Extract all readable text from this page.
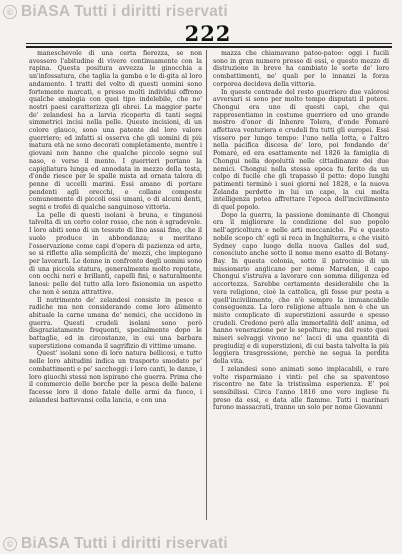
© BiASA Tutti i diritti riservati
222

maneschevole di una certa fierezza, se non avessero l'abitudine di vivere continuamente con la rapina. Questa positura avvezza le ginocchia a un'infossatura, che taglia la gamba e le di-gita al loro andamento. I tratti del volto di questi uomini sono fortemente marcati, e presso molti individui offrono qualche analogia con quei tipo indelebile, che no' nostri paesi caratterizza gli ebrei. La maggior parte de' zelandesi ha a larvia ricoperta di tanti segni simmetrici incisi nella pelle. Queste incisioni, di un colore glauco, sono una patente del loro valore guerriero; ed infatti si osserva che gli uomini di più matura età ne sono decorati completamente, mentre i giovani non hanno che qualche piccolo segno sul naso, o verso il mento. I guerrieri portano la capigliatura lunga ed annodata in mezzo della testa, d'onde riesce per le spalle mista ad ornata talora di penne di uccelli marini. Essi amano di portare pendenti agli orecchi, e collane composte comunemente di piccoli ossi umani, o di alcuni denti, segni e trofei di qualche sanguinoso vittoria.

La pelle di questi isolani è bruna, e tinganosi talvolta di un certo color rosso, che non è sgradevole. I loro abiti sono di un tessuto di lino assai fino, che il suolo produce in abbondanza; e meritano l'osservazione come capi d'opera di pazienza ed arte, se si riflette alla semplicità de' mezzi, che impiegano per lavorarli. Le donne in confronto degli uomini sono di una piccola statura, generalmente molto reputate, con occhi neri e brillanti, capelli finì, e naturalmente lanosi: pelle del tutto alla loro fisionomia un aspetto che non è senza attrattive.

Il nutrimento de' zelandesi consiste in pesce e radiche ma non considerando come loro alimento abituale la carne umana de' nemici, che uccidono in guerra. Questi crudeli isolani sono però disgraziatamente frequenti, specialmente dopo le battaglie, ed in circostanze, in cui una barbara superstizione comanda il sagrifizio di vittime umane.

Quest' isolani sono di loro natura bellicosi, e tutto nelle loro abitudini indica un trasporto smodato pe' combattimenti e pe' saccheggi: i loro canti, le danze, i loro giuochi stessi non ispirano che guerra. Prima che il commercio delle borche per la pesca delle balene facesse loro il dono fatale delle armi da fuoco, i zelandesi battevansi colla lancia, e con una

mazza che chiamavano patoo-patoo: oggi i fucili sono in gran numero presso di essi, e questo mezzo di distruzione in breve ha cambiato le sorte de' loro combattimenti, ne' quali per lo innanzi la forza corporea decideva della vittoria.

In queste contrade del resto guerriero due valorosi avversari si sono per molto tempo disputati il potere. Chongui era uno di questi capi, che qui rappresentiamo in costume guerriero ed uno grande mostro d'onor di Inhenre Tolera, d'onde Pomaré affettava venturiera e crudeli fra tutti gli europei. Essi vissero per lungo tempo: l'uno nella lotta, e l'altro nella pacifica discesa de' loro, poi fondando de' Pomaré, ed era esattamente nel 1826 la famiglia di Chongui nella dopoluttà nelle cittadinanze dei due nemici. Chongui nella stessa epoca fu ferito da un colpo di fucile che gli trapassò il petto: dopo lunghi patimenti terminò i suoi giorni nel 1828, e la nuova Zelanda perdette in lui un capo, la cui molta intelligenza potea affrettare l'epoca dell'incivilimento di quel popolo.

Dopo la guerra, la passione dominante di Chongui era il migliorare la condizione del suo popolo nell'agricoltura e nelle arti meccaniche. Fu e questo nobile scopo ch' egli si reca in Inghilterra, e che visitò Sydney capo luogo della nuova Galles del sud, conosciuto anche sotto il nome meno esatto di Botany-Bay. In questa colonia, sotto il patrocinio di un missionario anglicano per nome Marsden, il capo Chongui s'istruiva a lavorare con somma diligenza ed accortezza. Sarebbe certamente desiderabile che la vera religione, cioè la cattolica, gli fosse pur posta a quell'incivilimento, che n'è sempre la immancabile conseguenza. La loro religione attuale non è che un misto complicato di superstizioni assurde e spesso crudeli. Credono però alla immortalità dell' anima, ed hanno venerazione per le sepolture; ma del resto quei miseri selvaggi vivono ne' lacci di una quantità di pregiudizj e di superstizioni, di cui basta talvolta la più leggiera trasgressione, perchè ne segua la perdita della vita.

I zelandesi sono animati sono implacabili, e rare volte risparmiano i vinti: pel che sa spaventoso riscontro ne fate la tristissima esperienza. E' poi sensibilissi. Circa l'anno 1816 uno vero inglese fu preso da essi, e data alle fiamme. Tutti i marinari furono massacrati, tranne un solo per nome Giovanni

© BiASA Tutti i diritti riservati
